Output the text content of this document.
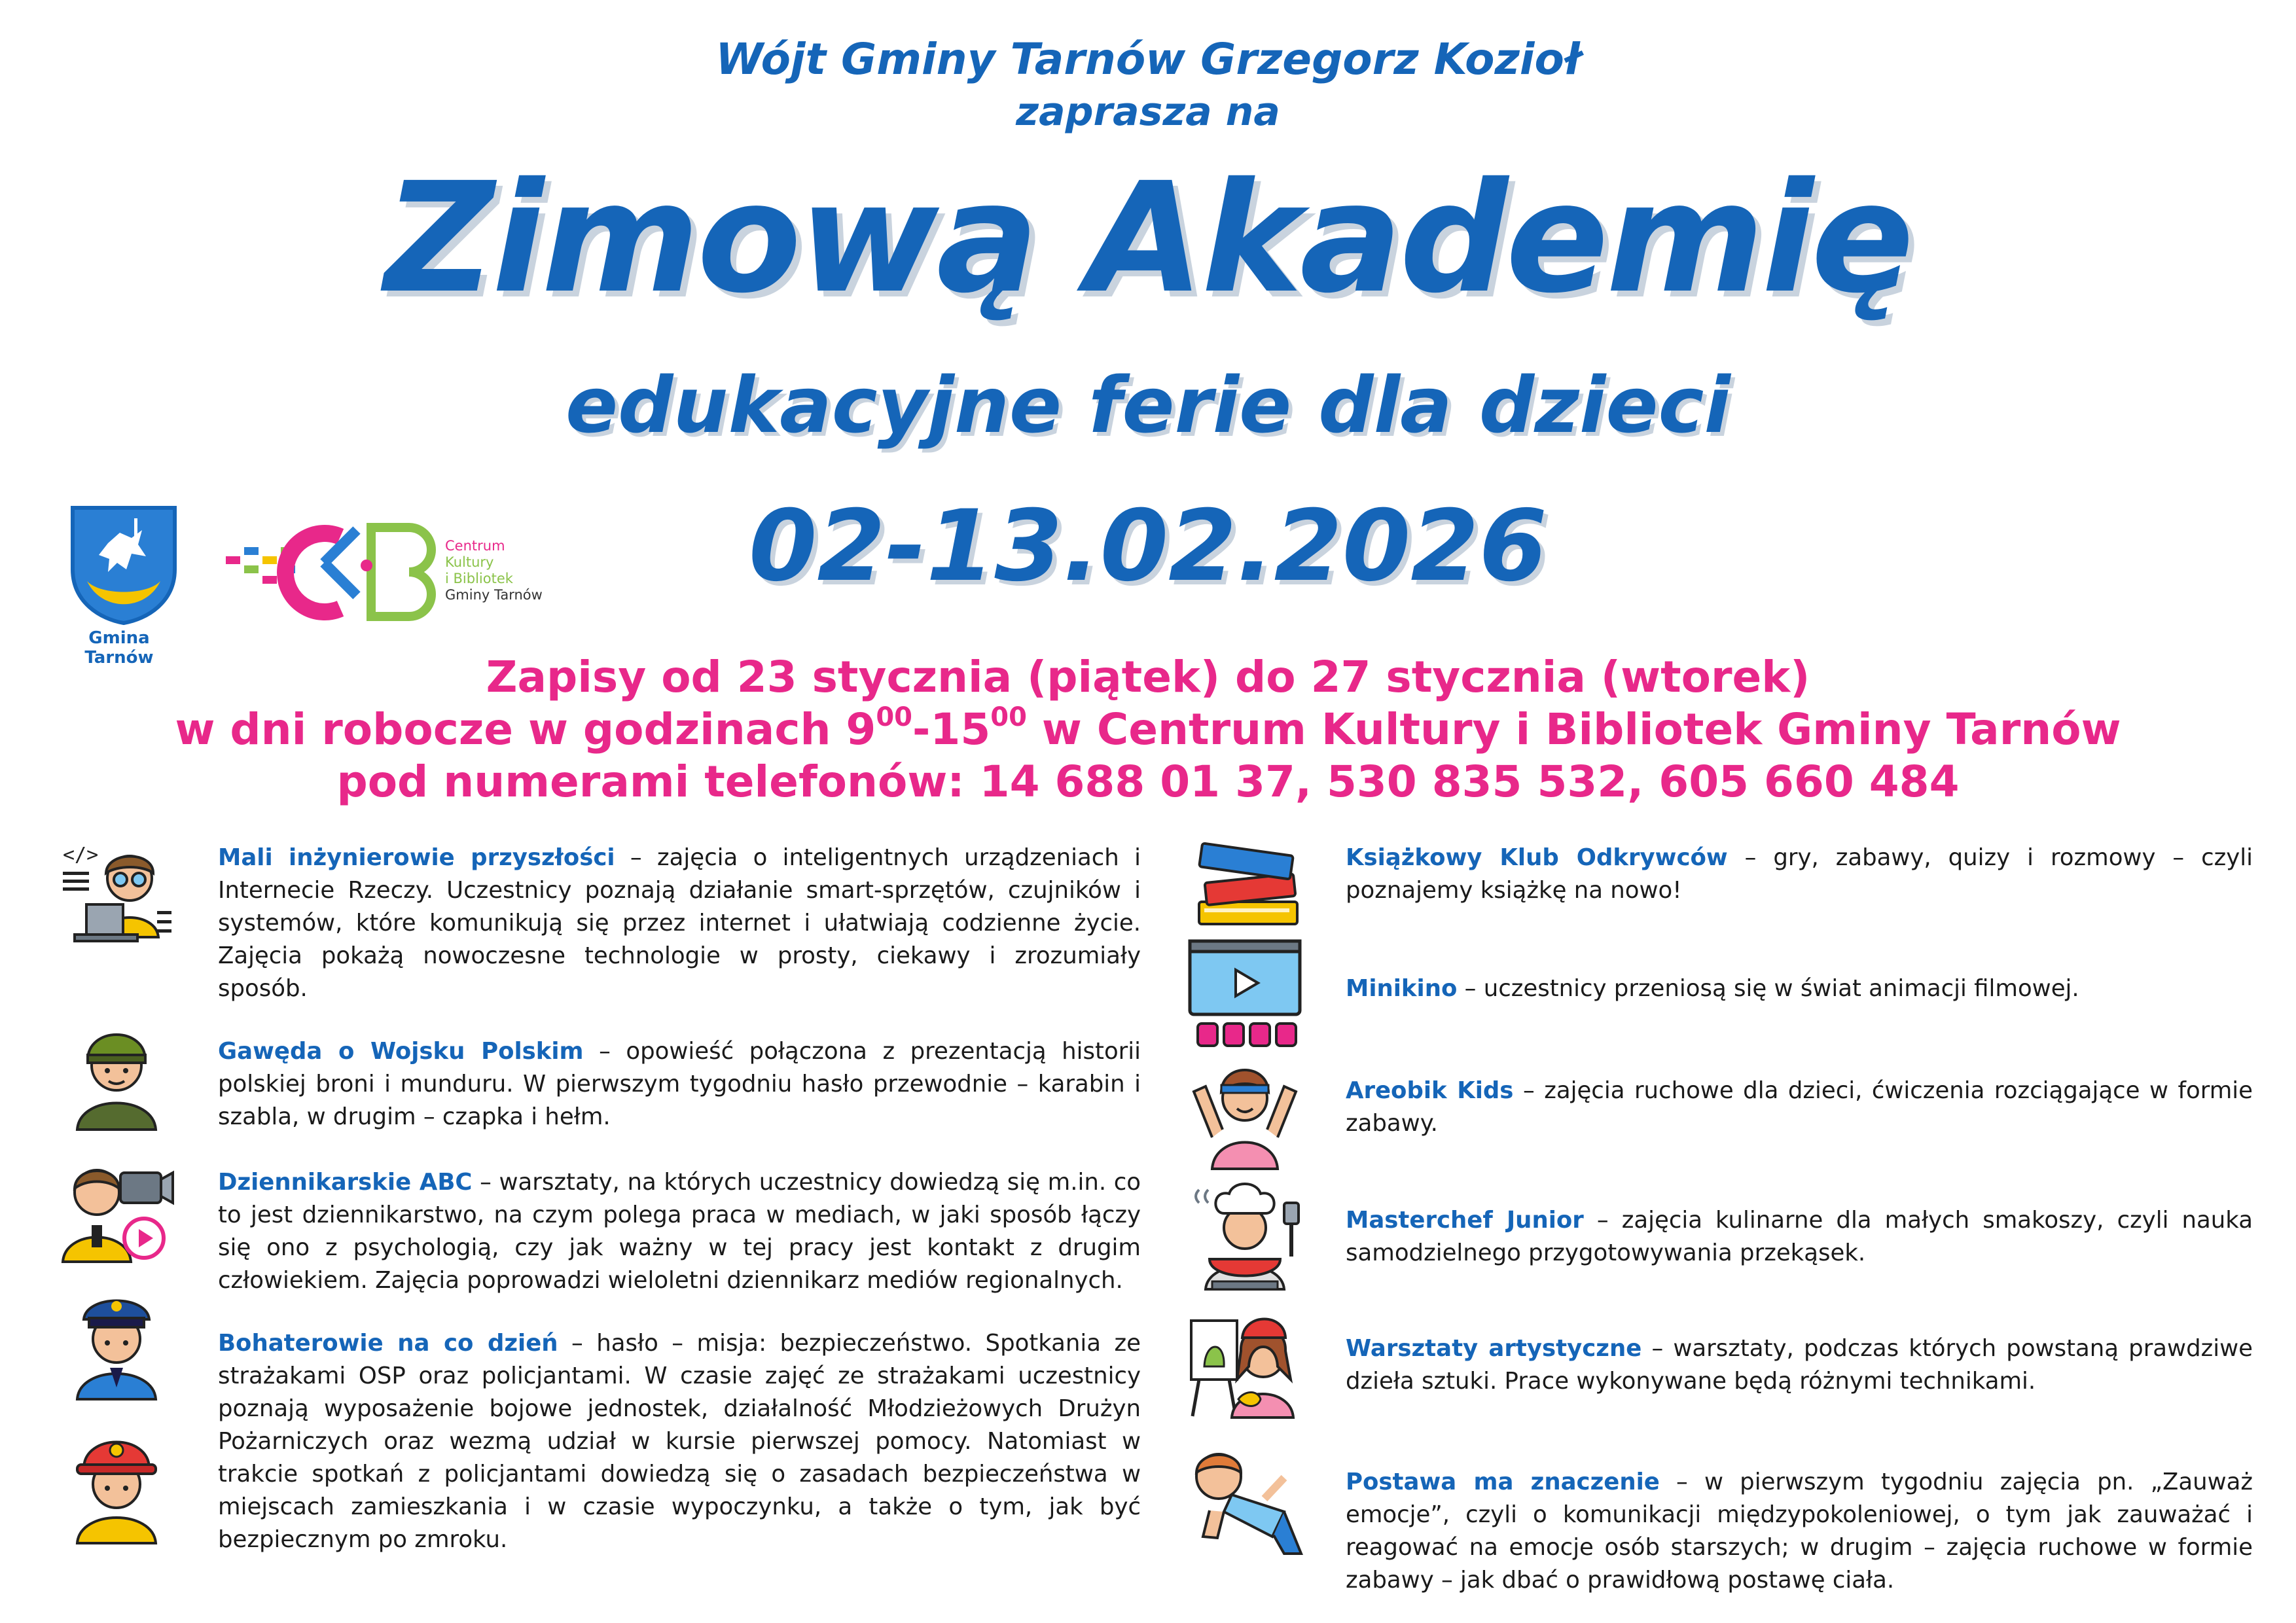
Wójt Gminy Tarnów Grzegorz Kozioł
zaprasza na
Zimową Akademię
edukacyjne ferie dla dzieci
02-13.02.2026
Gmina Tarnów
Centrum
Kultury
i Bibliotek
Gminy Tarnów
Zapisy od 23 stycznia (piątek) do 27 stycznia (wtorek)
w dni robocze w godzinach $9^{00}-15^{00}$ w Centrum Kultury i Bibliotek Gminy Tarnów
pod numerami telefonów: 14 688 01 37, 530 835 532, 605 660 484
</>	Mali inżynierowie przyszłości – zajęcia o inteligentnych urządzeniach i Internecie Rzeczy. Uczestnicy poznają działanie smart-sprzętów, czujników i systemów, które komunikują się przez internet i ułatwiają codzienne życie. Zajęcia pokażą nowoczesne technologie w prosty, ciekawy i zrozumiały sposób.
Gawęda o Wojsku Polskim – opowieść połączona z prezentacją historii polskiej broni i munduru. W pierwszym tygodniu hasło przewodnie – karabin i szabla, w drugim – czapka i hełm.
Dziennikarskie ABC – warsztaty, na których uczestnicy dowiedzą się m.in. co to jest dziennikarstwo, na czym polega praca w mediach, w jaki sposób łączy się ono z psychologią, czy jak ważny w tej pracy jest kontakt z drugim człowiekiem. Zajęcia poprowadzi wieloletni dziennikarz mediów regionalnych.
Bohaterowie na co dzień – hasło – misja: bezpieczeństwo. Spotkania ze strażakami OSP oraz policjantami. W czasie zajęć ze strażakami uczestnicy poznają wyposażenie bojowe jednostek, działalność Młodzieżowych Drużyn Pożarniczych oraz wezmą udział w kursie pierwszej pomocy. Natomiast w trakcie spotkań z policjantami dowiedzą się o zasadach bezpieczeństwa w miejscach zamieszkania i w czasie wypoczynku, a także o tym, jak być bezpiecznym po zmroku.
Książkowy Klub Odkrywców – gry, zabawy, quizy i rozmowy – czyli poznajemy książkę na nowo!
Minikino – uczestnicy przeniosą się w świat animacji filmowej.
Areobik Kids – zajęcia ruchowe dla dzieci, ćwiczenia rozciągające w formie zabawy.
Masterchef Junior – zajęcia kulinarne dla małych smakoszy, czyli nauka samodzielnego przygotowywania przekąsek.
Warsztaty artystyczne – warsztaty, podczas których powstaną prawdziwe dzieła sztuki. Prace wykonywane będą różnymi technikami.
Postawa ma znaczenie – w pierwszym tygodniu zajęcia pn. „Zauważ emocje”, czyli o komunikacji międzypokoleniowej, o tym jak zauważać i reagować na emocje osób starszych; w drugim – zajęcia ruchowe w formie zabawy – jak dbać o prawidłową postawę ciała.
